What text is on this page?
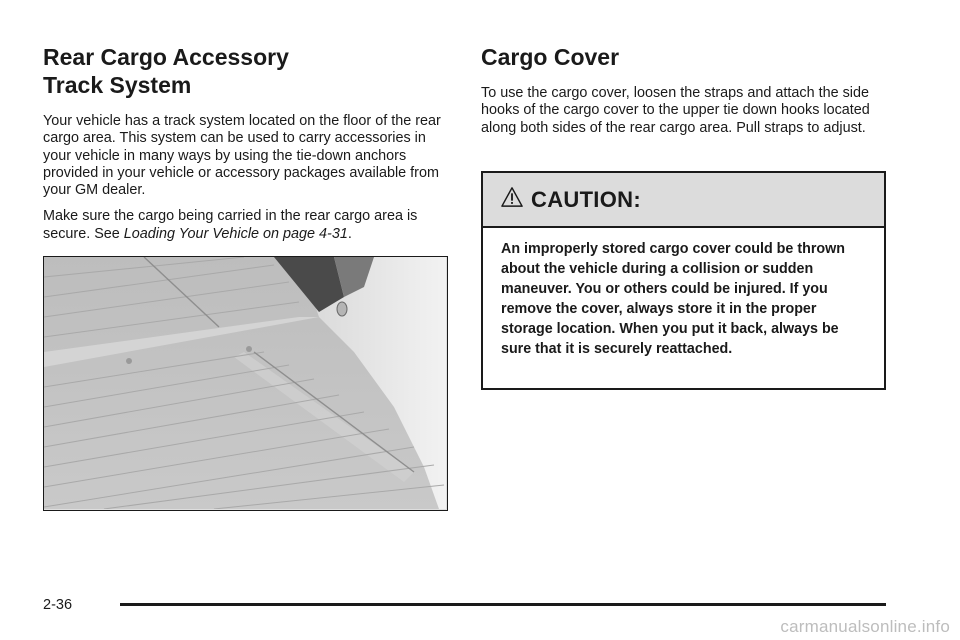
Rear Cargo Accessory
Track System

Your vehicle has a track system located on the floor of the rear cargo area. This system can be used to carry accessories in your vehicle in many ways by using the tie-down anchors provided in your vehicle or accessory packages available from your GM dealer.

Make sure the cargo being carried in the rear cargo area is secure. See Loading Your Vehicle on page 4-31.

Cargo Cover

To use the cargo cover, loosen the straps and attach the side hooks of the cargo cover to the upper tie down hooks located along both sides of the rear cargo area. Pull straps to adjust.

CAUTION:

An improperly stored cargo cover could be thrown about the vehicle during a collision or sudden maneuver. You or others could be injured. If you remove the cover, always store it in the proper storage location. When you put it back, always be sure that it is securely reattached.

2-36
carmanualsonline.info
